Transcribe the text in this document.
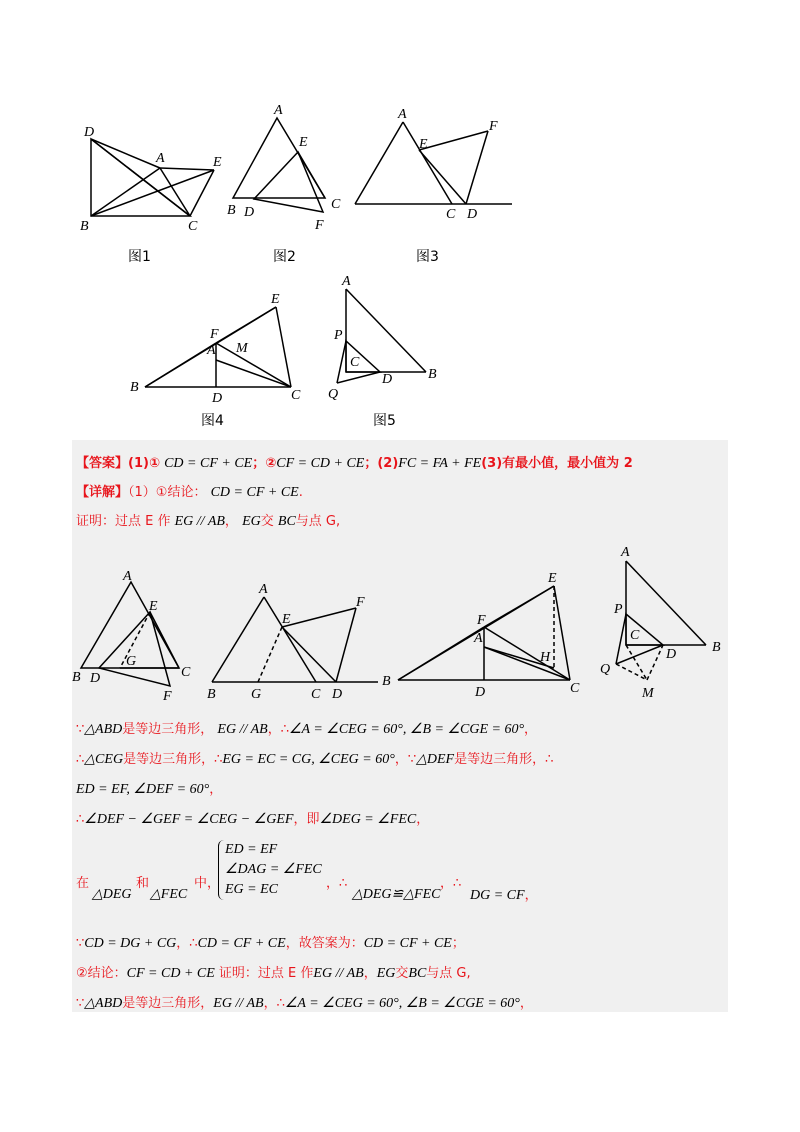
D
A	E
B	C
A
E
B D
C
F
A
F
E
C D
E
F
A M
B
D	C
A
P
C
D	B
Q
图1	图2	图3
图4	图5
【答案】(1)① CD = CF + CE；②CF = CD + CE；(2)FC = FA + FE(3)有最小值，最小值为 2
【详解】（1）①结论： CD = CF + CE.
证明：过点 E 作 EG // AB， EG交 BC与点 G,
A
E
G
B D	C
F
A
F
E
B	G	C D
E
F
A
H
B
D	C
A
P
C
D	B
Q
M
∵△ABD是等边三角形， EG // AB，∴∠A = ∠CEG = 60°, ∠B = ∠CGE = 60°，
∴△CEG是等边三角形，∴EG = EC = CG, ∠CEG = 60°，∵△DEF是等边三角形，∴
ED = EF, ∠DEF = 60°，
∴∠DEF − ∠GEF = ∠CEG − ∠GEF，即∠DEG = ∠FEC，
在
△DEG
和
△FEC
中，
ED = EF
∠DAG = ∠FEC
EG = EC	，∴
△DEG≌△FEC
，∴
DG = CF，
∵CD = DG + CG，∴CD = CF + CE，故答案为：CD = CF + CE；
②结论：CF = CD + CE 证明：过点 E 作EG // AB，EG交BC与点 G,
∵△ABD是等边三角形，EG // AB，∴∠A = ∠CEG = 60°, ∠B = ∠CGE = 60°，
